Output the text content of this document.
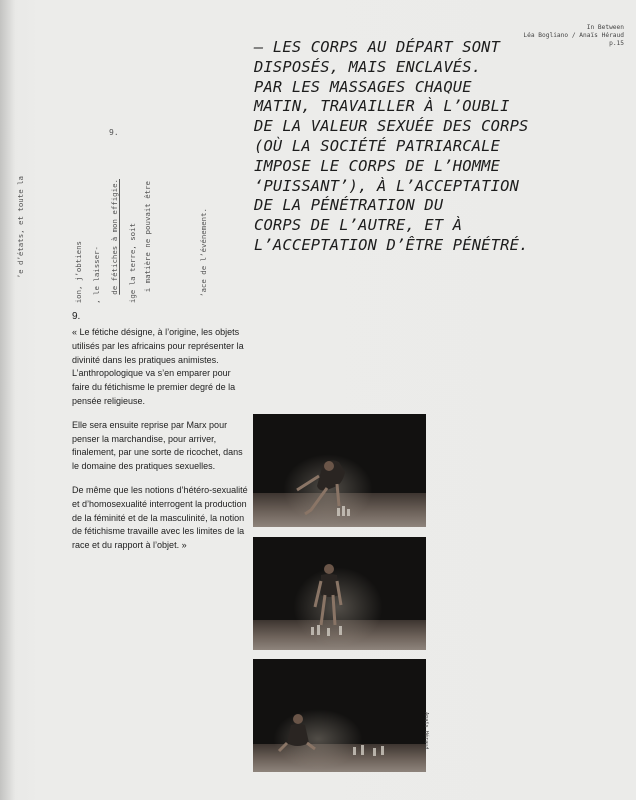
In Between
Léa Bogliano / Anaïs Héraud
p.15
— LES CORPS AU DÉPART SONT
DISPOSÉS, MAIS ENCLAVÉS.
PAR LES MASSAGES CHAQUE
MATIN, TRAVAILLER À L’OUBLI
DE LA VALEUR SEXUÉE DES CORPS
(OÙ LA SOCIÉTÉ PATRIARCALE
IMPOSE LE CORPS DE L’HOMME
‘PUISSANT’), À L’ACCEPTATION
DE LA PÉNÉTRATION DU
CORPS DE L’AUTRE, ET À
L’ACCEPTATION D’ÊTRE PÉNÉTRÉ.
’e d’états, et toute la
9.
ion, j’obtiens , le laisser- de fétiches à mon effigie. ige la terre, soit i matière ne pouvait être	’ace de l’événement.
9.

« Le fétiche désigne, à l’origine, les objets utilisés par les africains pour représenter la divinité dans les pratiques animistes. L’anthropologique va s’en emparer pour faire du fétichisme le premier degré de la pensée religieuse.

Elle sera ensuite reprise par Marx pour penser la marchandise, pour arriver, finalement, par une sorte de ricochet, dans le domaine des pratiques sexuelles.

De même que les notions d’hétéro-sexualité et d’homosexualité interrogent la production de la féminité et de la masculinité, la notion de fétichisme travaille avec les limites de la race et du rapport à l’objet. »

Anaïs Héraud
